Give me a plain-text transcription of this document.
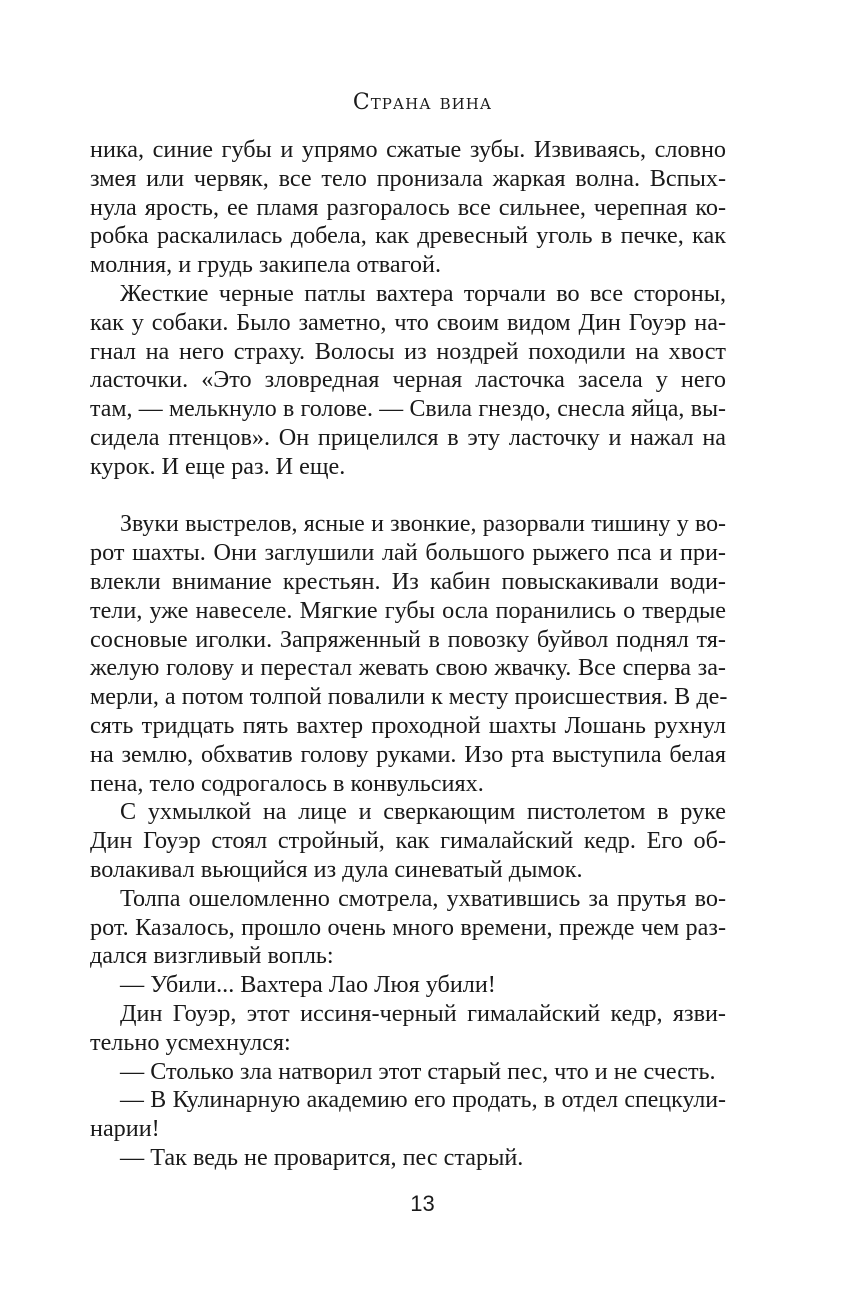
Страна вина
ника, синие губы и упрямо сжатые зубы. Извиваясь, словно
змея или червяк, все тело пронизала жаркая волна. Вспых-
нула ярость, ее пламя разгоралось все сильнее, черепная ко-
робка раскалилась добела, как древесный уголь в печке, как
молния, и грудь закипела отвагой.
Жесткие черные патлы вахтера торчали во все стороны,
как у собаки. Было заметно, что своим видом Дин Гоуэр на-
гнал на него страху. Волосы из ноздрей походили на хвост
ласточки. «Это зловредная черная ласточка засела у него
там, — мелькнуло в голове. — Свила гнездо, снесла яйца, вы-
сидела птенцов». Он прицелился в эту ласточку и нажал на
курок. И еще раз. И еще.
Звуки выстрелов, ясные и звонкие, разорвали тишину у во-
рот шахты. Они заглушили лай большого рыжего пса и при-
влекли внимание крестьян. Из кабин повыскакивали води-
тели, уже навеселе. Мягкие губы осла поранились о твердые
сосновые иголки. Запряженный в повозку буйвол поднял тя-
желую голову и перестал жевать свою жвачку. Все сперва за-
мерли, а потом толпой повалили к месту происшествия. В де-
сять тридцать пять вахтер проходной шахты Лошань рухнул
на землю, обхватив голову руками. Изо рта выступила белая
пена, тело содрогалось в конвульсиях.
С ухмылкой на лице и сверкающим пистолетом в руке
Дин Гоуэр стоял стройный, как гималайский кедр. Его об-
волакивал вьющийся из дула синеватый дымок.
Толпа ошеломленно смотрела, ухватившись за прутья во-
рот. Казалось, прошло очень много времени, прежде чем раз-
дался визгливый вопль:
— Убили... Вахтера Лао Люя убили!
Дин Гоуэр, этот иссиня-черный гималайский кедр, язви-
тельно усмехнулся:
— Столько зла натворил этот старый пес, что и не счесть.
— В Кулинарную академию его продать, в отдел спецкули-
нарии!
— Так ведь не проварится, пес старый.
13
